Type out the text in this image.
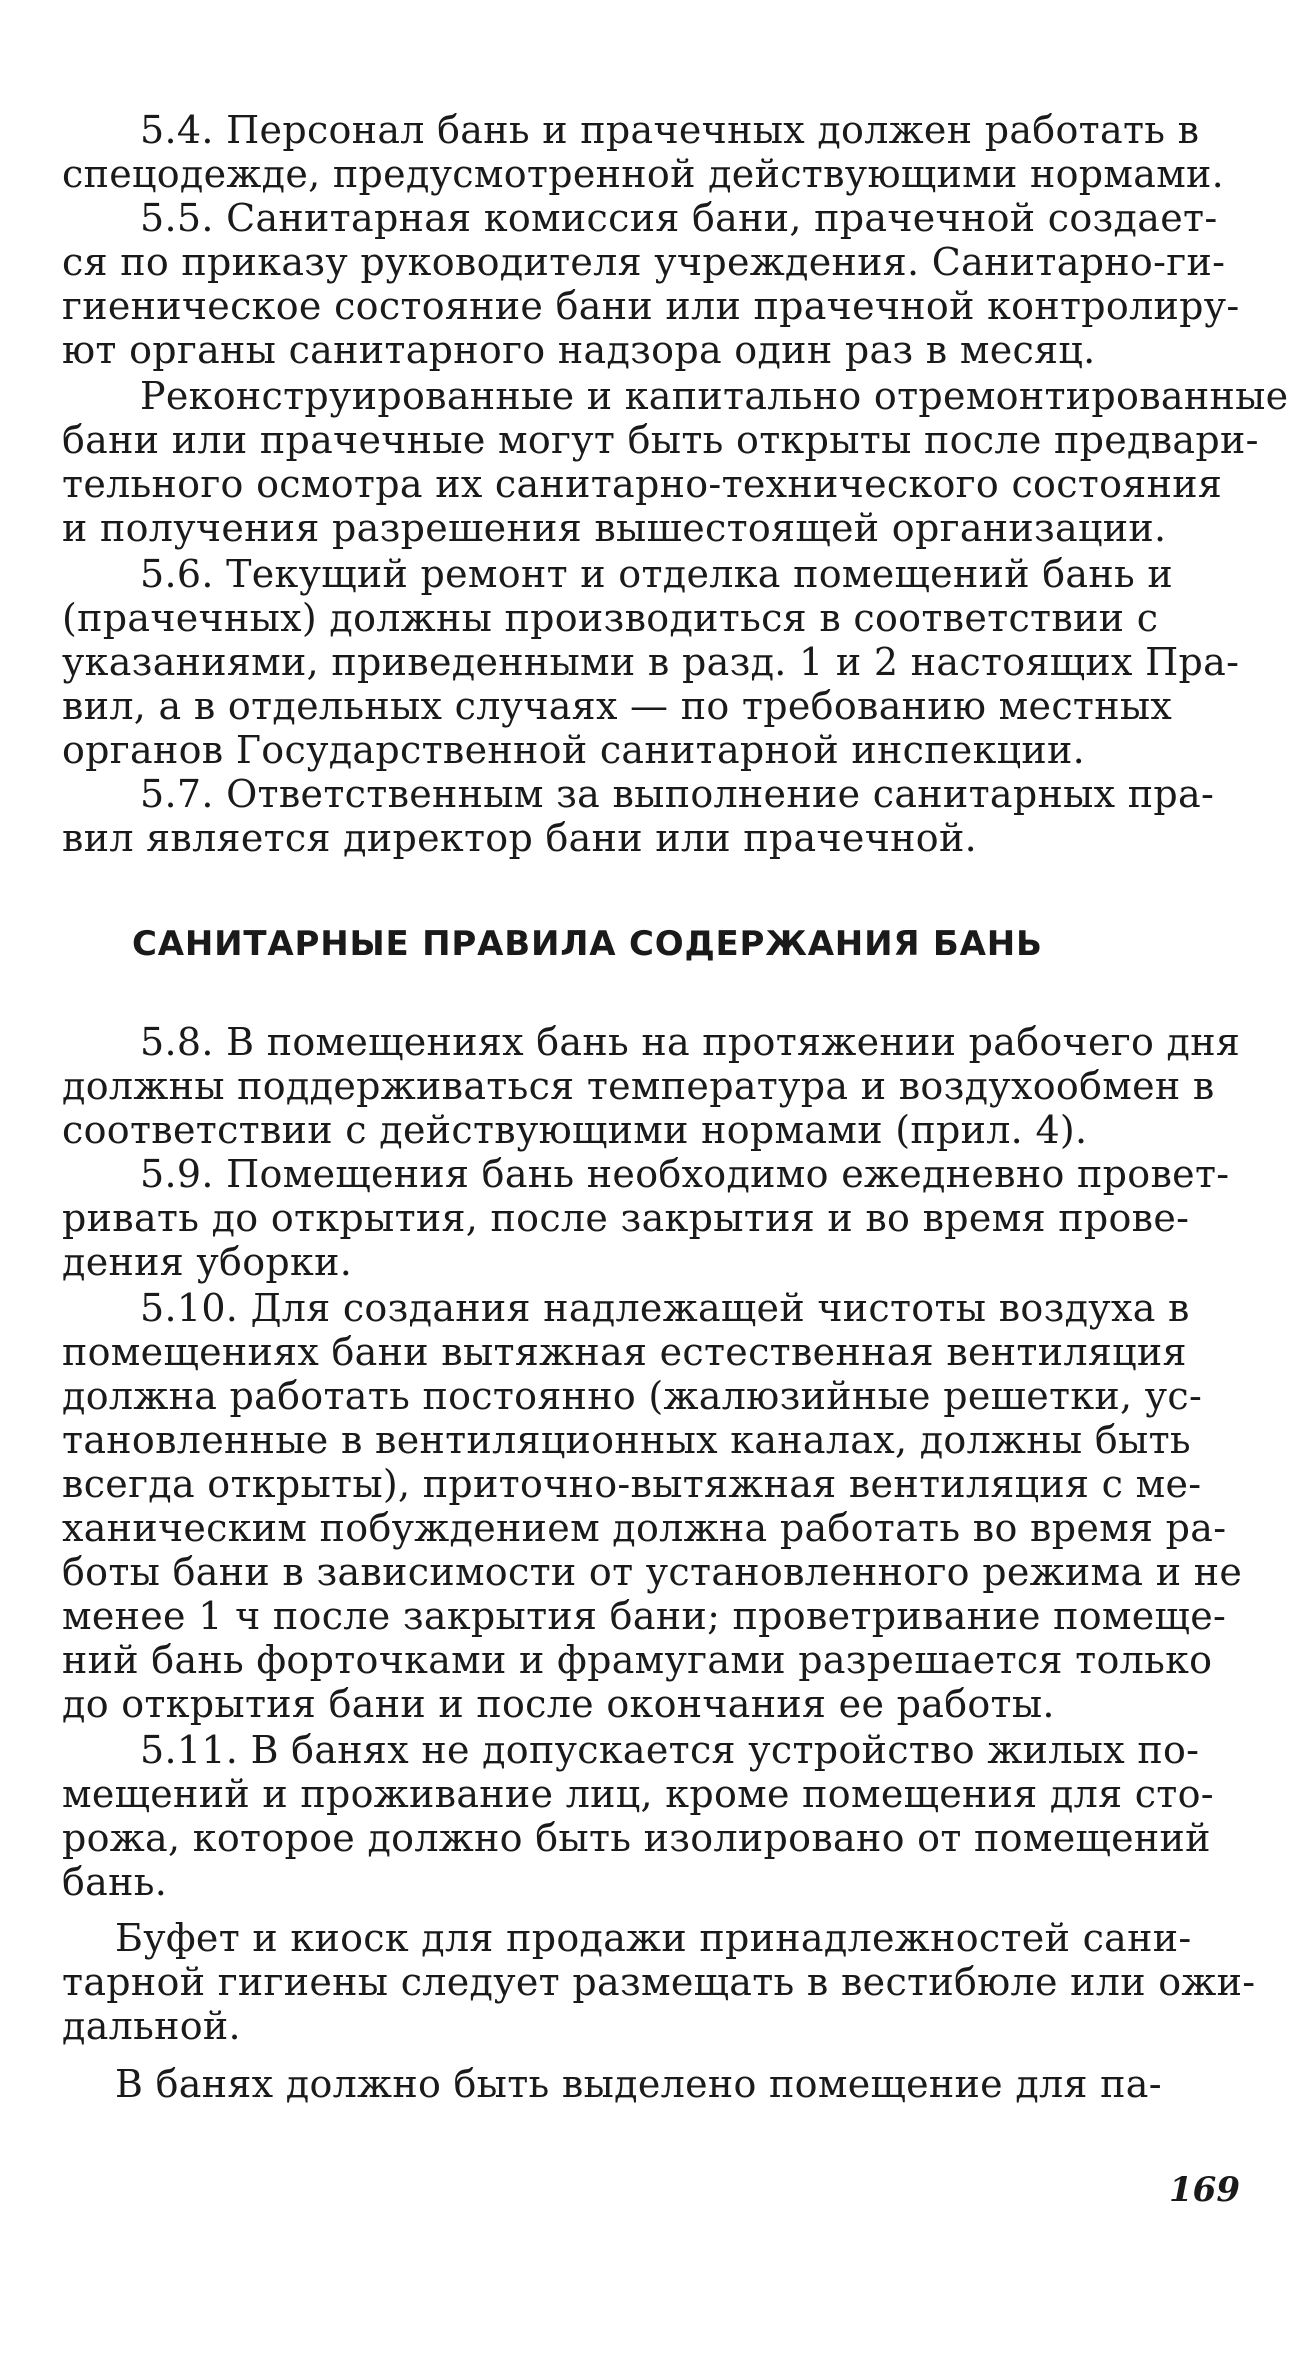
5.4. Персонал бань и прачечных должен работать в
спецодежде, предусмотренной действующими нормами.
5.5. Санитарная комиссия бани, прачечной создает-
ся по приказу руководителя учреждения. Санитарно-ги-
гиеническое состояние бани или прачечной контролиру-
ют органы санитарного надзора один раз в месяц.
Реконструированные и капитально отремонтированные
бани или прачечные могут быть открыты после предвари-
тельного осмотра их санитарно-технического состояния
и получения разрешения вышестоящей организации.
5.6. Текущий ремонт и отделка помещений бань и
(прачечных) должны производиться в соответствии с
указаниями, приведенными в разд. 1 и 2 настоящих Пра-
вил, а в отдельных случаях — по требованию местных
органов Государственной санитарной инспекции.
5.7. Ответственным за выполнение санитарных пра-
вил является директор бани или прачечной.
САНИТАРНЫЕ ПРАВИЛА СОДЕРЖАНИЯ БАНЬ
5.8. В помещениях бань на протяжении рабочего дня
должны поддерживаться температура и воздухообмен в
соответствии с действующими нормами (прил. 4).
5.9. Помещения бань необходимо ежедневно провет-
ривать до открытия, после закрытия и во время прове-
дения уборки.
5.10. Для создания надлежащей чистоты воздуха в
помещениях бани вытяжная естественная вентиляция
должна работать постоянно (жалюзийные решетки, ус-
тановленные в вентиляционных каналах, должны быть
всегда открыты), приточно-вытяжная вентиляция с ме-
ханическим побуждением должна работать во время ра-
боты бани в зависимости от установленного режима и не
менее 1 ч после закрытия бани; проветривание помеще-
ний бань форточками и фрамугами разрешается только
до открытия бани и после окончания ее работы.
5.11. В банях не допускается устройство жилых по-
мещений и проживание лиц, кроме помещения для сто-
рожа, которое должно быть изолировано от помещений
бань.
Буфет и киоск для продажи принадлежностей сани-
тарной гигиены следует размещать в вестибюле или ожи-
дальной.
В банях должно быть выделено помещение для па-
169
